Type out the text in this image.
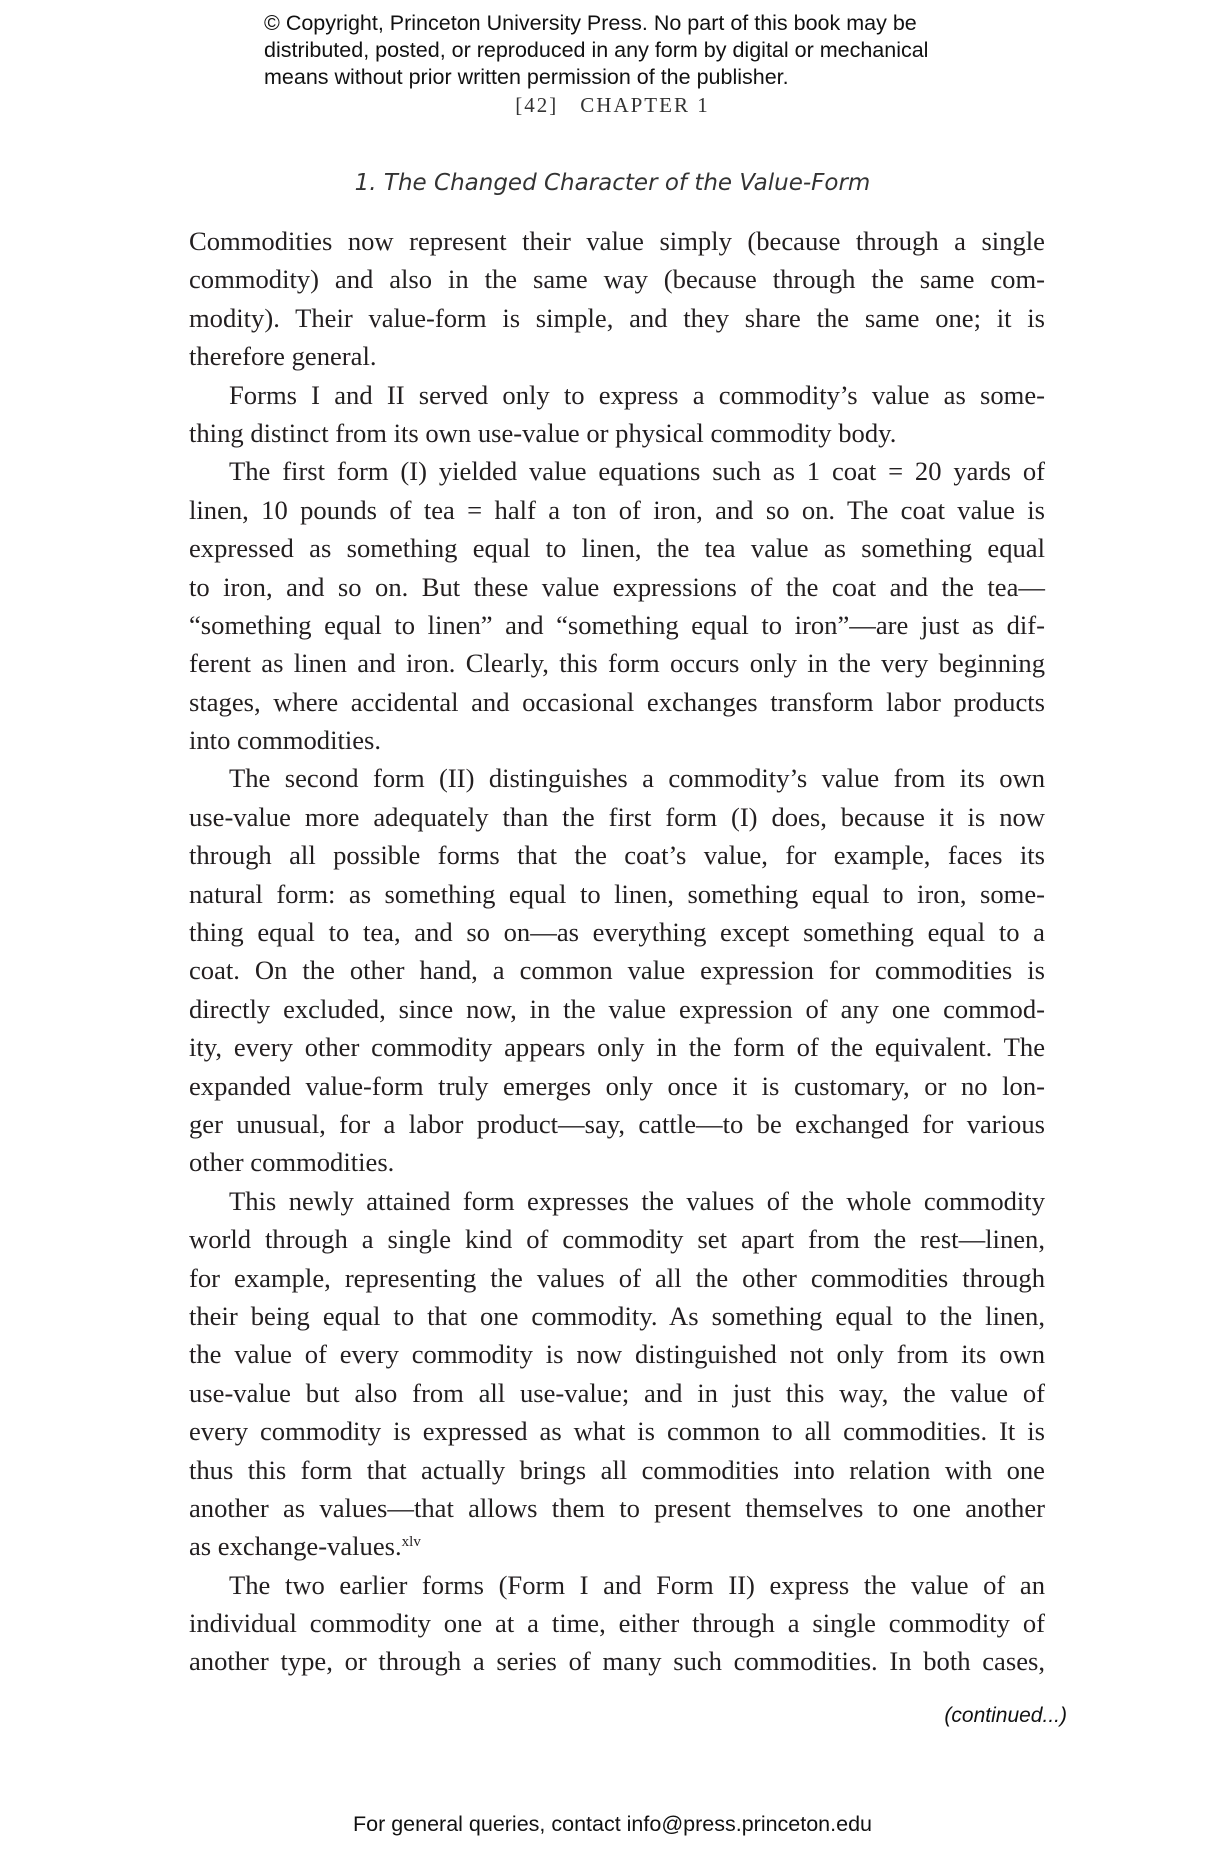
© Copyright, Princeton University Press. No part of this book may be
distributed, posted, or reproduced in any form by digital or mechanical
means without prior written permission of the publisher.
[42] CHAPTER 1
1. The Changed Character of the Value-Form
Commodities now represent their value simply (because through a single
commodity) and also in the same way (because through the same com-
modity). Their value-form is simple, and they share the same one; it is
therefore general.
Forms I and II served only to express a commodity’s value as some-
thing distinct from its own use-value or physical commodity body.
The first form (I) yielded value equations such as 1 coat = 20 yards of
linen, 10 pounds of tea = half a ton of iron, and so on. The coat value is
expressed as something equal to linen, the tea value as something equal
to iron, and so on. But these value expressions of the coat and the tea—
“something equal to linen” and “something equal to iron”—are just as dif-
ferent as linen and iron. Clearly, this form occurs only in the very beginning
stages, where accidental and occasional exchanges transform labor products
into commodities.
The second form (II) distinguishes a commodity’s value from its own
use-value more adequately than the first form (I) does, because it is now
through all possible forms that the coat’s value, for example, faces its
natural form: as something equal to linen, something equal to iron, some-
thing equal to tea, and so on—as everything except something equal to a
coat. On the other hand, a common value expression for commodities is
directly excluded, since now, in the value expression of any one commod-
ity, every other commodity appears only in the form of the equivalent. The
expanded value-form truly emerges only once it is customary, or no lon-
ger unusual, for a labor product—say, cattle—to be exchanged for various
other commodities.
This newly attained form expresses the values of the whole commodity
world through a single kind of commodity set apart from the rest—linen,
for example, representing the values of all the other commodities through
their being equal to that one commodity. As something equal to the linen,
the value of every commodity is now distinguished not only from its own
use-value but also from all use-value; and in just this way, the value of
every commodity is expressed as what is common to all commodities. It is
thus this form that actually brings all commodities into relation with one
another as values—that allows them to present themselves to one another
as exchange-values.$^{xlv}$
The two earlier forms (Form I and Form II) express the value of an
individual commodity one at a time, either through a single commodity of
another type, or through a series of many such commodities. In both cases,
(continued...)
For general queries, contact info@press.princeton.edu
